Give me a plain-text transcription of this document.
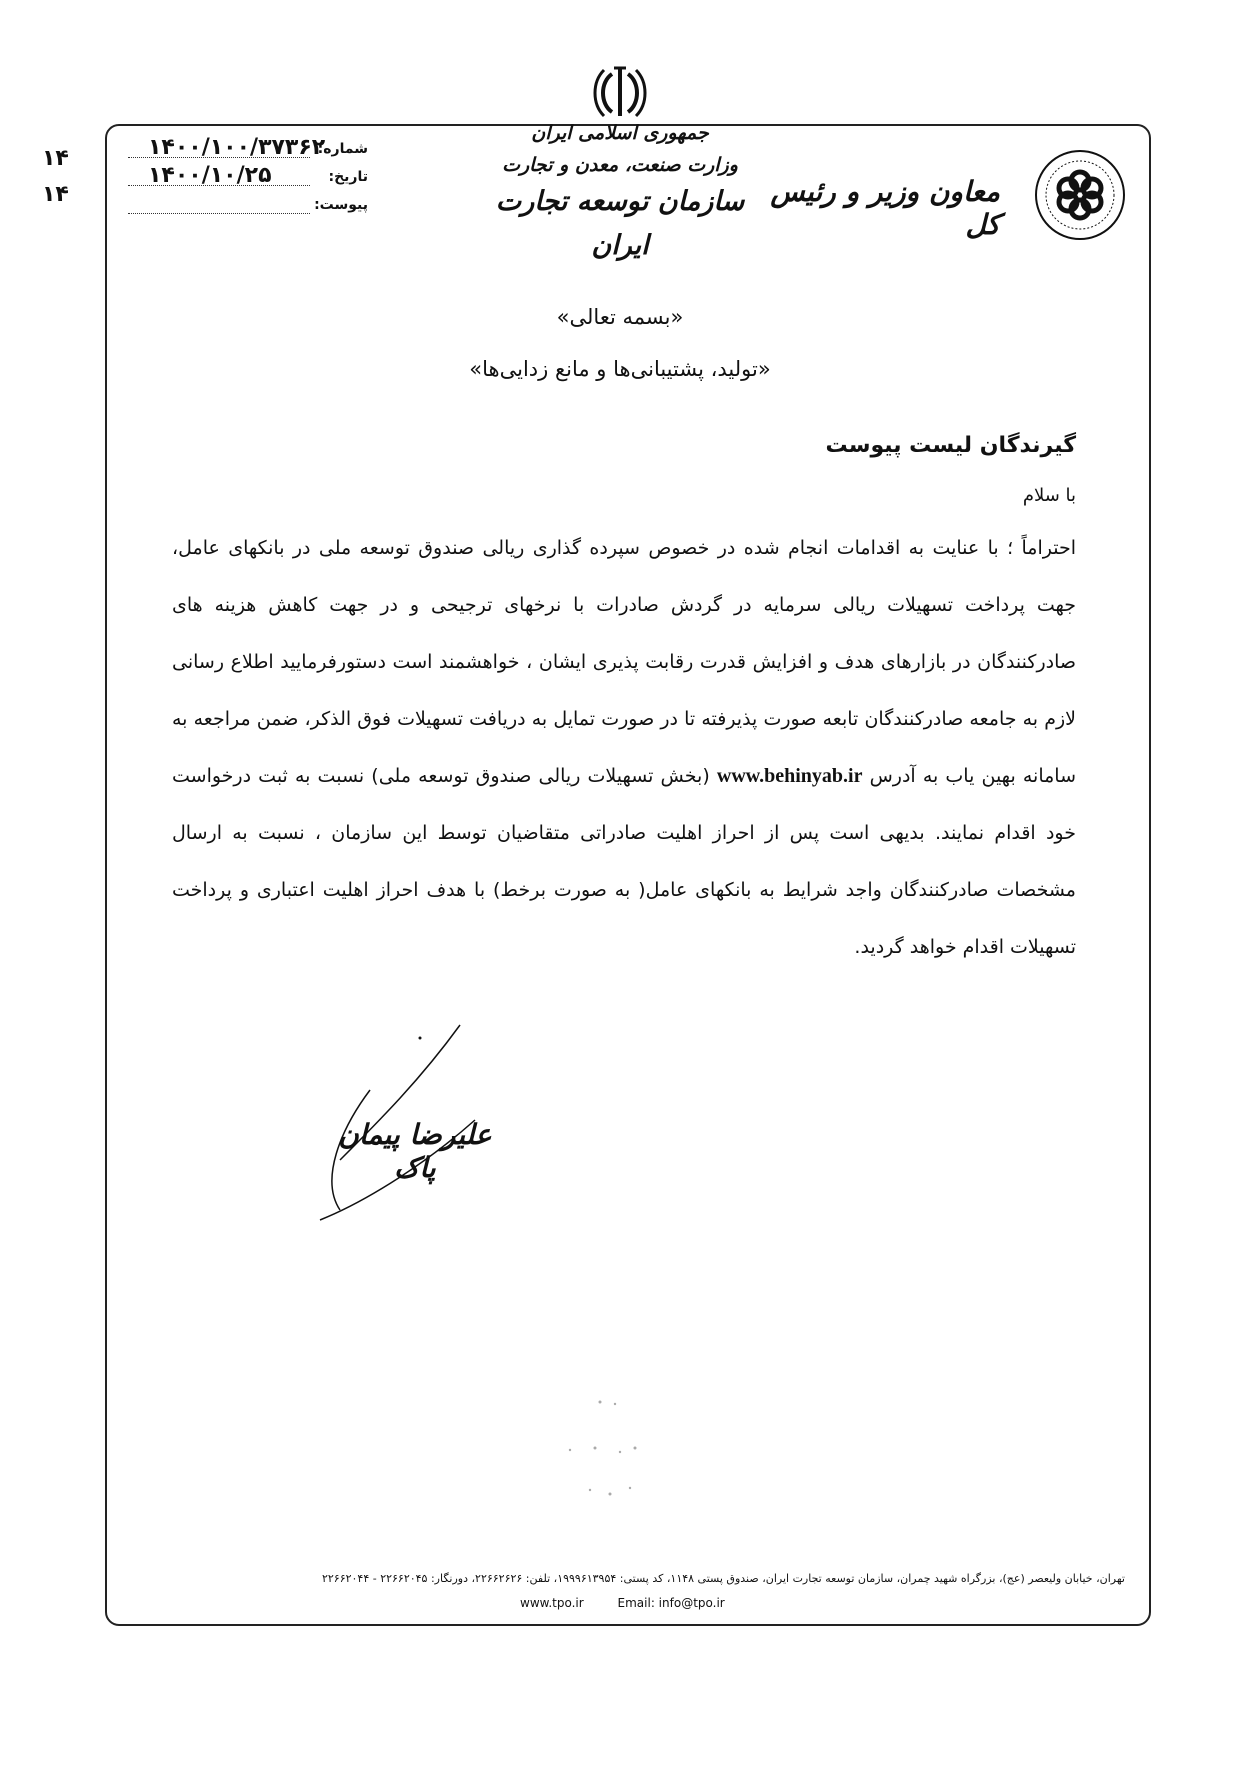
جمهوری اسلامی ایران
وزارت صنعت، معدن و تجارت
سازمان توسعه تجارت ایران
معاون وزیر و رئیس کل
۱۴
۱۴
شماره:
۱۴۰۰/۱۰۰/۳۷۳۶۲
تاریخ:
۱۴۰۰/۱۰/۲۵
پیوست:
«بسمه تعالی»
«تولید، پشتیبانی‌ها و مانع زدایی‌ها»
گیرندگان لیست پیوست
با سلام
احتراماً ؛ با عنایت به اقدامات انجام شده در خصوص سپرده گذاری ریالی صندوق توسعه ملی در بانکهای عامل، جهت پرداخت تسهیلات ریالی سرمایه در گردش صادرات با نرخهای ترجیحی و در جهت کاهش هزینه های صادرکنندگان در بازارهای هدف و افزایش قدرت رقابت پذیری ایشان ، خواهشمند است دستورفرمایید اطلاع رسانی لازم به جامعه صادرکنندگان تابعه صورت پذیرفته تا در صورت تمایل به دریافت تسهیلات فوق الذکر، ضمن مراجعه به سامانه بهین یاب به آدرس www.behinyab.ir (بخش تسهیلات ریالی صندوق توسعه ملی) نسبت به ثبت درخواست خود اقدام نمایند. بدیهی است پس از احراز اهلیت صادراتی متقاضیان توسط این سازمان ، نسبت به ارسال مشخصات صادرکنندگان واجد شرایط به بانکهای عامل( به صورت برخط) با هدف احراز اهلیت اعتباری و پرداخت تسهیلات اقدام خواهد گردید.
علیرضا پیمان پاک
تهران، خیابان ولیعصر (عج)، بزرگراه شهید چمران، سازمان توسعه تجارت ایران، صندوق پستی ۱۱۴۸، کد پستی: ۱۹۹۹۶۱۳۹۵۴، تلفن: ۲۲۶۶۲۶۲۶، دورنگار: ۲۲۶۶۲۰۴۵ - ۲۲۶۶۲۰۴۴
www.tpo.ir	Email: info@tpo.ir
